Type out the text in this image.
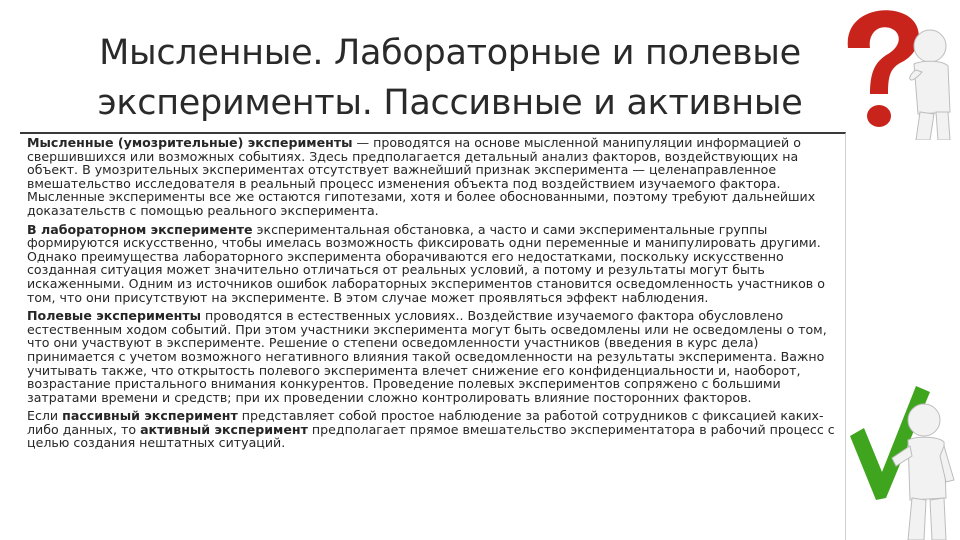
Мысленные. Лабораторные и полевые
эксперименты. Пассивные и активные

Мысленные (умозрительные) эксперименты — проводятся на основе мысленной манипуляции информацией о свершившихся или возможных событиях. Здесь предполагается детальный анализ факторов, воздействующих на объект. В умозрительных экспериментах отсутствует важнейший признак эксперимента — целенаправленное вмешательство исследователя в реальный процесс изменения объекта под воздействием изучаемого фактора. Мысленные эксперименты все же остаются гипотезами, хотя и более обоснованными, поэтому требуют дальнейших доказательств с помощью реального эксперимента.

В лабораторном эксперименте экспериментальная обстановка, а часто и сами экспериментальные группы формируются искусственно, чтобы имелась возможность фиксировать одни переменные и манипулировать другими. Однако преимущества лабораторного эксперимента оборачиваются его недостатками, поскольку искусственно созданная ситуация может значительно отличаться от реальных условий, а потому и результаты могут быть искаженными. Одним из источников ошибок лабораторных экспериментов становится осведомленность участников о том, что они присутствуют на эксперименте. В этом случае может проявляться эффект наблюдения.

Полевые эксперименты проводятся в естественных условиях.. Воздействие изучаемого фактора обусловлено естественным ходом событий. При этом участники эксперимента могут быть осведомлены или не осведомлены о том, что они участвуют в эксперименте. Решение о степени осведомленности участников (введения в курс дела) принимается с учетом возможного негативного влияния такой осведомленности на результаты эксперимента. Важно учитывать также, что открытость полевого эксперимента влечет снижение его конфиденциальности и, наоборот, возрастание пристального внимания конкурентов. Проведение полевых экспериментов сопряжено с большими затратами времени и средств; при их проведении сложно контролировать влияние посторонних факторов.

Если пассивный эксперимент представляет собой простое наблюдение за работой сотрудников с фиксацией каких-либо данных, то активный эксперимент предполагает прямое вмешательство экспериментатора в рабочий процесс с целью создания нештатных ситуаций.
